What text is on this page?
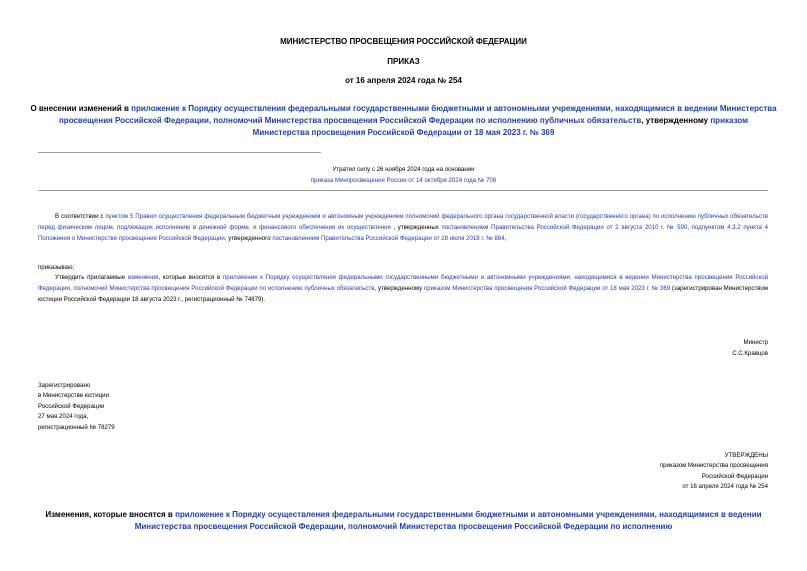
МИНИСТЕРСТВО ПРОСВЕЩЕНИЯ РОССИЙСКОЙ ФЕДЕРАЦИИ
ПРИКАЗ
от 16 апреля 2024 года № 254
О внесении изменений в приложение к Порядку осуществления федеральными государственными бюджетными и автономными учреждениями, находящимися в ведении Министерства просвещения Российской Федерации, полномочий Министерства просвещения Российской Федерации по исполнению публичных обязательств, утвержденному приказом Министерства просвещения Российской Федерации от 18 мая 2023 г. № 369
Утратил силу с 26 ноября 2024 года на основании
приказа Минпросвещения России от 14 октября 2024 года № 708
В соответствии с пунктом 5 Правил осуществления федеральным бюджетным учреждением и автономным учреждением полномочий федерального органа государственной власти (государственного органа) по исполнению публичных обязательств перед физическим лицом, подлежащих исполнению в денежной форме, и финансового обеспечения их осуществления , утвержденных постановлением Правительства Российской Федерации от 2 августа 2010 г. № 590, подпунктом 4.3.2 пункта 4 Положения о Министерстве просвещения Российской Федерации, утвержденного постановлением Правительства Российской Федерации от 28 июля 2018 г. № 884,
приказываю:
Утвердить прилагаемые изменения, которые вносятся в приложение к Порядку осуществления федеральными государственными бюджетными и автономными учреждениями, находящимися в ведении Министерства просвещения Российской Федерации, полномочий Министерства просвещения Российской Федерации по исполнению публичных обязательств, утвержденному приказом Министерства просвещения Российской Федерации от 18 мая 2023 г. № 369 (зарегистрирован Министерством юстиции Российской Федерации 18 августа 2023 г., регистрационный № 74879).
Министр
С.С.Кравцов
Зарегистрировано
в Министерстве юстиции
Российской Федерации
27 мая 2024 года,
регистрационный № 78279
УТВЕРЖДЕНЫ
приказом Министерства просвещения
Российской Федерации
от 16 апреля 2024 года № 254
Изменения, которые вносятся в приложение к Порядку осуществления федеральными государственными бюджетными и автономными учреждениями, находящимися в ведении Министерства просвещения Российской Федерации, полномочий Министерства просвещения Российской Федерации по исполнению
